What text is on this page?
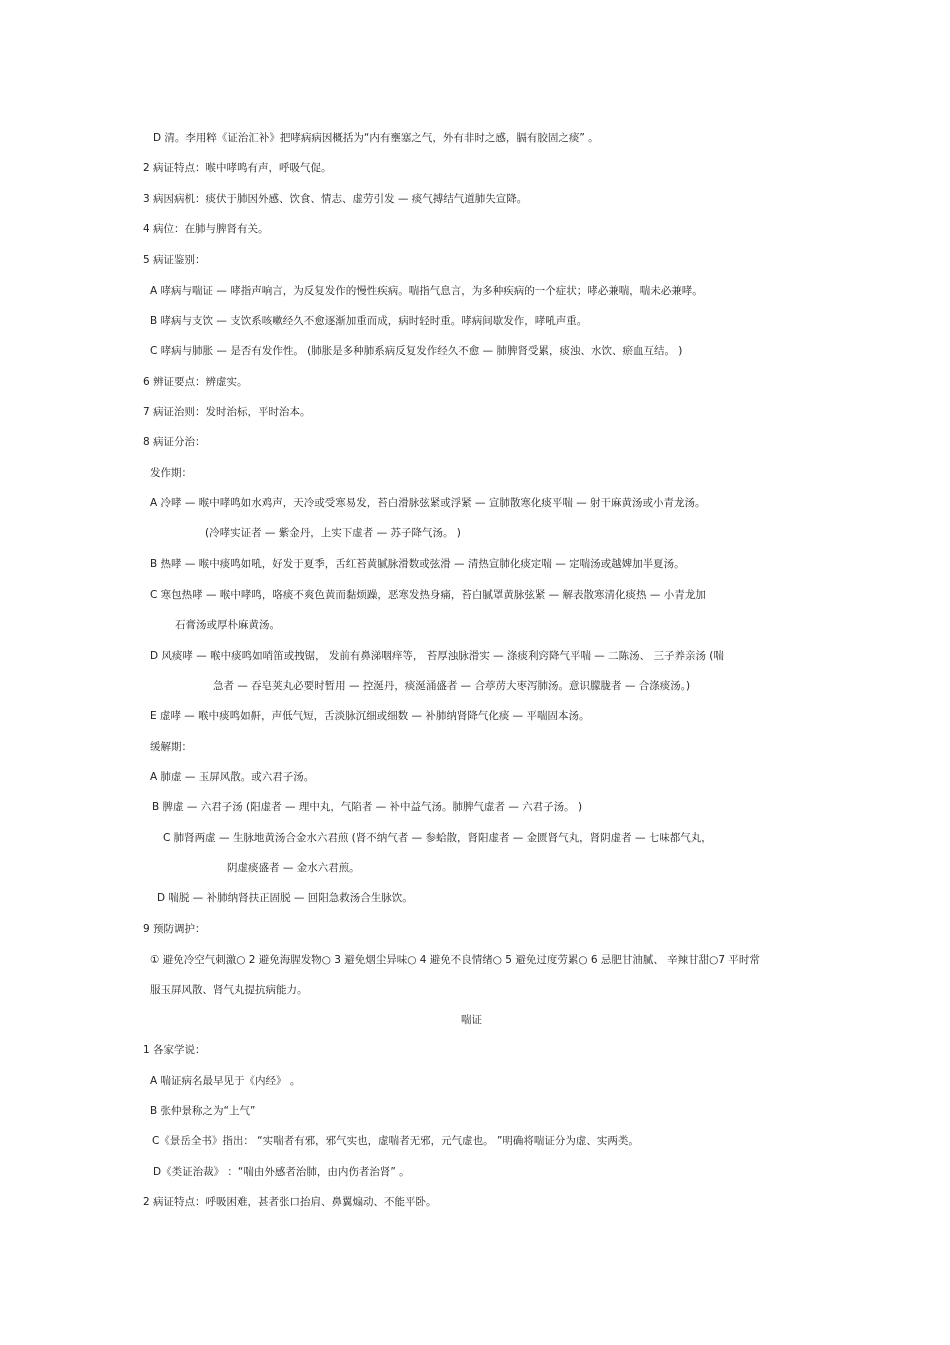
D 清。李用粹《证治汇补》把哮病病因概括为“内有壅塞之气，外有非时之感，膈有胶固之痰” 。
2 病证特点：喉中哮鸣有声，呼吸气促。
3 病因病机：痰伏于肺因外感、饮食、情志、虚劳引发 — 痰气搏结气道肺失宣降。
4 病位：在肺与脾肾有关。
5 病证鉴别：
A 哮病与喘证 — 哮指声响言，为反复发作的慢性疾病。喘指气息言，为多种疾病的一个症状；哮必兼喘，喘未必兼哮。
B 哮病与支饮 — 支饮系咳嗽经久不愈逐渐加重而成，病时轻时重。哮病间歇发作，哮吼声重。
C 哮病与肺胀 — 是否有发作性。 (肺胀是多种肺系病反复发作经久不愈 — 肺脾肾受累，痰浊、水饮、瘀血互结。 )
6 辨证要点：辨虚实。
7 病证治则：发时治标，平时治本。
8 病证分治：
发作期：
A 冷哮 — 喉中哮鸣如水鸡声，天冷或受寒易发，苔白滑脉弦紧或浮紧 — 宣肺散寒化痰平喘 — 射干麻黄汤或小青龙汤。
(冷哮实证者 — 紫金丹，上实下虚者 — 苏子降气汤。 )
B 热哮 — 喉中痰鸣如吼，好发于夏季，舌红苔黄腻脉滑数或弦滑 — 清热宣肺化痰定喘 — 定喘汤或越婢加半夏汤。
C 寒包热哮 — 喉中哮鸣，咯痰不爽色黄而黏烦躁，恶寒发热身痛，苔白腻罩黄脉弦紧 — 解表散寒清化痰热 — 小青龙加
石膏汤或厚朴麻黄汤。
D 风痰哮 — 喉中痰鸣如哨笛或拽锯， 发前有鼻涕咽痒等， 苔厚浊脉滑实 — 涤痰利窍降气平喘 — 二陈汤、 三子养亲汤 (喘
急者 — 吞皂荚丸必要时暂用 — 控涎丹，痰涎涌盛者 — 合葶苈大枣泻肺汤。意识朦胧者 — 合涤痰汤。)
E 虚哮 — 喉中痰鸣如鼾，声低气短，舌淡脉沉细或细数 — 补肺纳肾降气化痰 — 平喘固本汤。
缓解期：
A 肺虚 — 玉屏风散。或六君子汤。
B 脾虚 — 六君子汤 (阳虚者 — 理中丸，气陷者 — 补中益气汤。肺脾气虚者 — 六君子汤。 )
C 肺肾两虚 — 生脉地黄汤合金水六君煎 (肾不纳气者 — 参蛤散，肾阳虚者 — 金匮肾气丸，肾阴虚者 — 七味都气丸，
阴虚痰盛者 — 金水六君煎。
D 喘脱 — 补肺纳肾扶正固脱 — 回阳急救汤合生脉饮。
9 预防调护：
① 避免冷空气刺激○ 2 避免海腥发物○ 3 避免烟尘异味○ 4 避免不良情绪○ 5 避免过度劳累○ 6 忌肥甘油腻、 辛辣甘甜○7 平时常
服玉屏风散、肾气丸提抗病能力。
喘证
1 各家学说：
A 喘证病名最早见于《内经》 。
B 张仲景称之为“上气”
C《景岳全书》指出： “实喘者有邪，邪气实也，虚喘者无邪，元气虚也。 ”明确将喘证分为虚、实两类。
D《类证治裁》 ：“喘由外感者治肺，由内伤者治肾” 。
2 病证特点：呼吸困难，甚者张口抬肩、鼻翼煽动、不能平卧。
